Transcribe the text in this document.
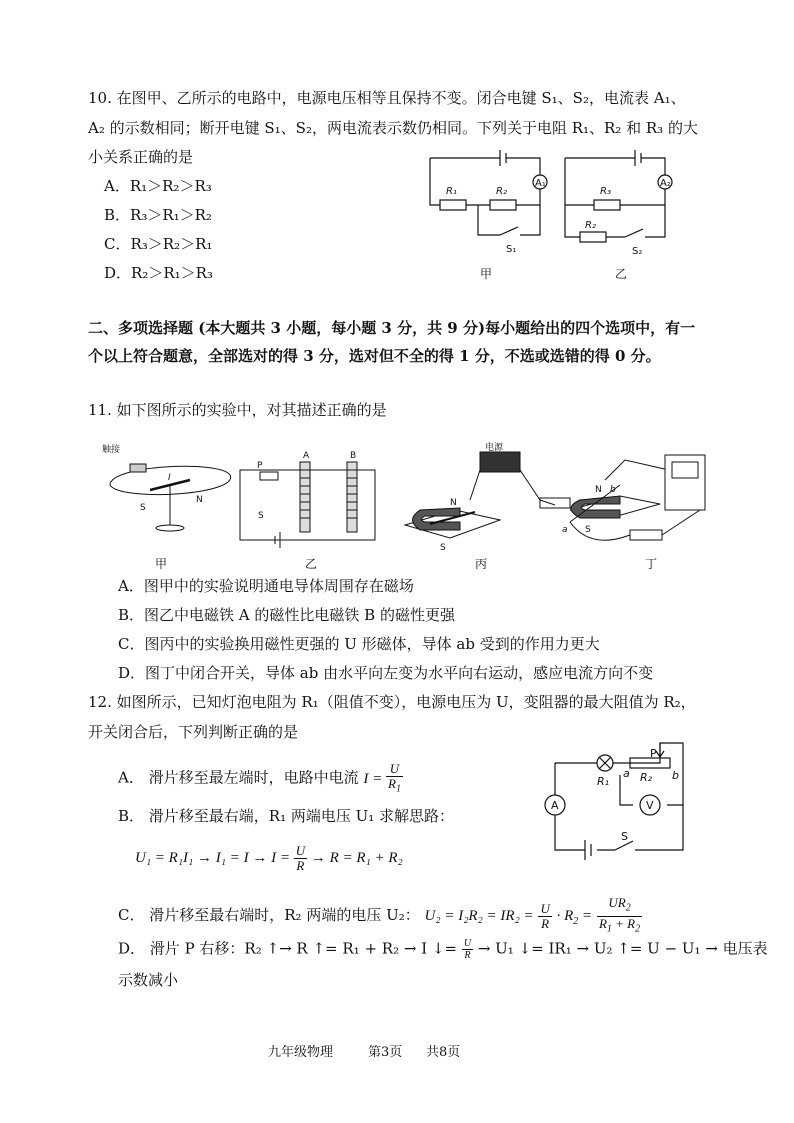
10. 在图甲、乙所示的电路中，电源电压相等且保持不变。闭合电键 S₁、S₂，电流表 A₁、
A₂ 的示数相同；断开电键 S₁、S₂，两电流表示数仍相同。下列关于电阻 R₁、R₂ 和 R₃ 的大
小关系正确的是
A．R₁＞R₂＞R₃
B．R₃＞R₁＞R₂
C．R₃＞R₂＞R₁
D．R₂＞R₁＞R₃
A₁	A₂
R₁	R₂	R₃
R₂
S₁	S₂
甲	乙
二、多项选择题 (本大题共 3 小题，每小题 3 分，共 9 分)每小题给出的四个选项中，有一
个以上符合题意，全部选对的得 3 分，选对但不全的得 1 分，不选或选错的得 0 分。
11. 如下图所示的实验中，对其描述正确的是
触接
I
S
N
P
A	B
S
电源
N
S
N b
a S
甲	乙	丙	丁
A．图甲中的实验说明通电导体周围存在磁场
B．图乙中电磁铁 A 的磁性比电磁铁 B 的磁性更强
C．图丙中的实验换用磁性更强的 U 形磁体，导体 ab 受到的作用力更大
D．图丁中闭合开关，导体 ab 由水平向左变为水平向右运动，感应电流方向不变
12. 如图所示，已知灯泡电阻为 R₁（阻值不变），电源电压为 U，变阻器的最大阻值为 R₂，
开关闭合后，下列判断正确的是
A． 滑片移至最左端时，电路中电流 $I = \frac{U}{R_1}$
B． 滑片移至最右端，R₁ 两端电压 U₁ 求解思路：
$U_1 = R_1I_1 \to I_1 = I \to I = \frac{U}{R} \to R = R_1 + R_2$
C． 滑片移至最右端时，R₂ 两端的电压 U₂： $U_2 = I_2R_2 = IR_2 = \frac{U}{R} \cdot R_2 = \frac{UR_2}{R_1 + R_2}$
D． 滑片 P 右移：R₂ ↑→ R ↑= R₁ + R₂ → I ↓= $\frac{U}{R} \to U_1$ ↓= IR₁ → U₂ ↑= U − U₁ → 电压表
示数减小
P
R₁
a R₂ b
A	V
S
九年级物理	第3页 共8页
